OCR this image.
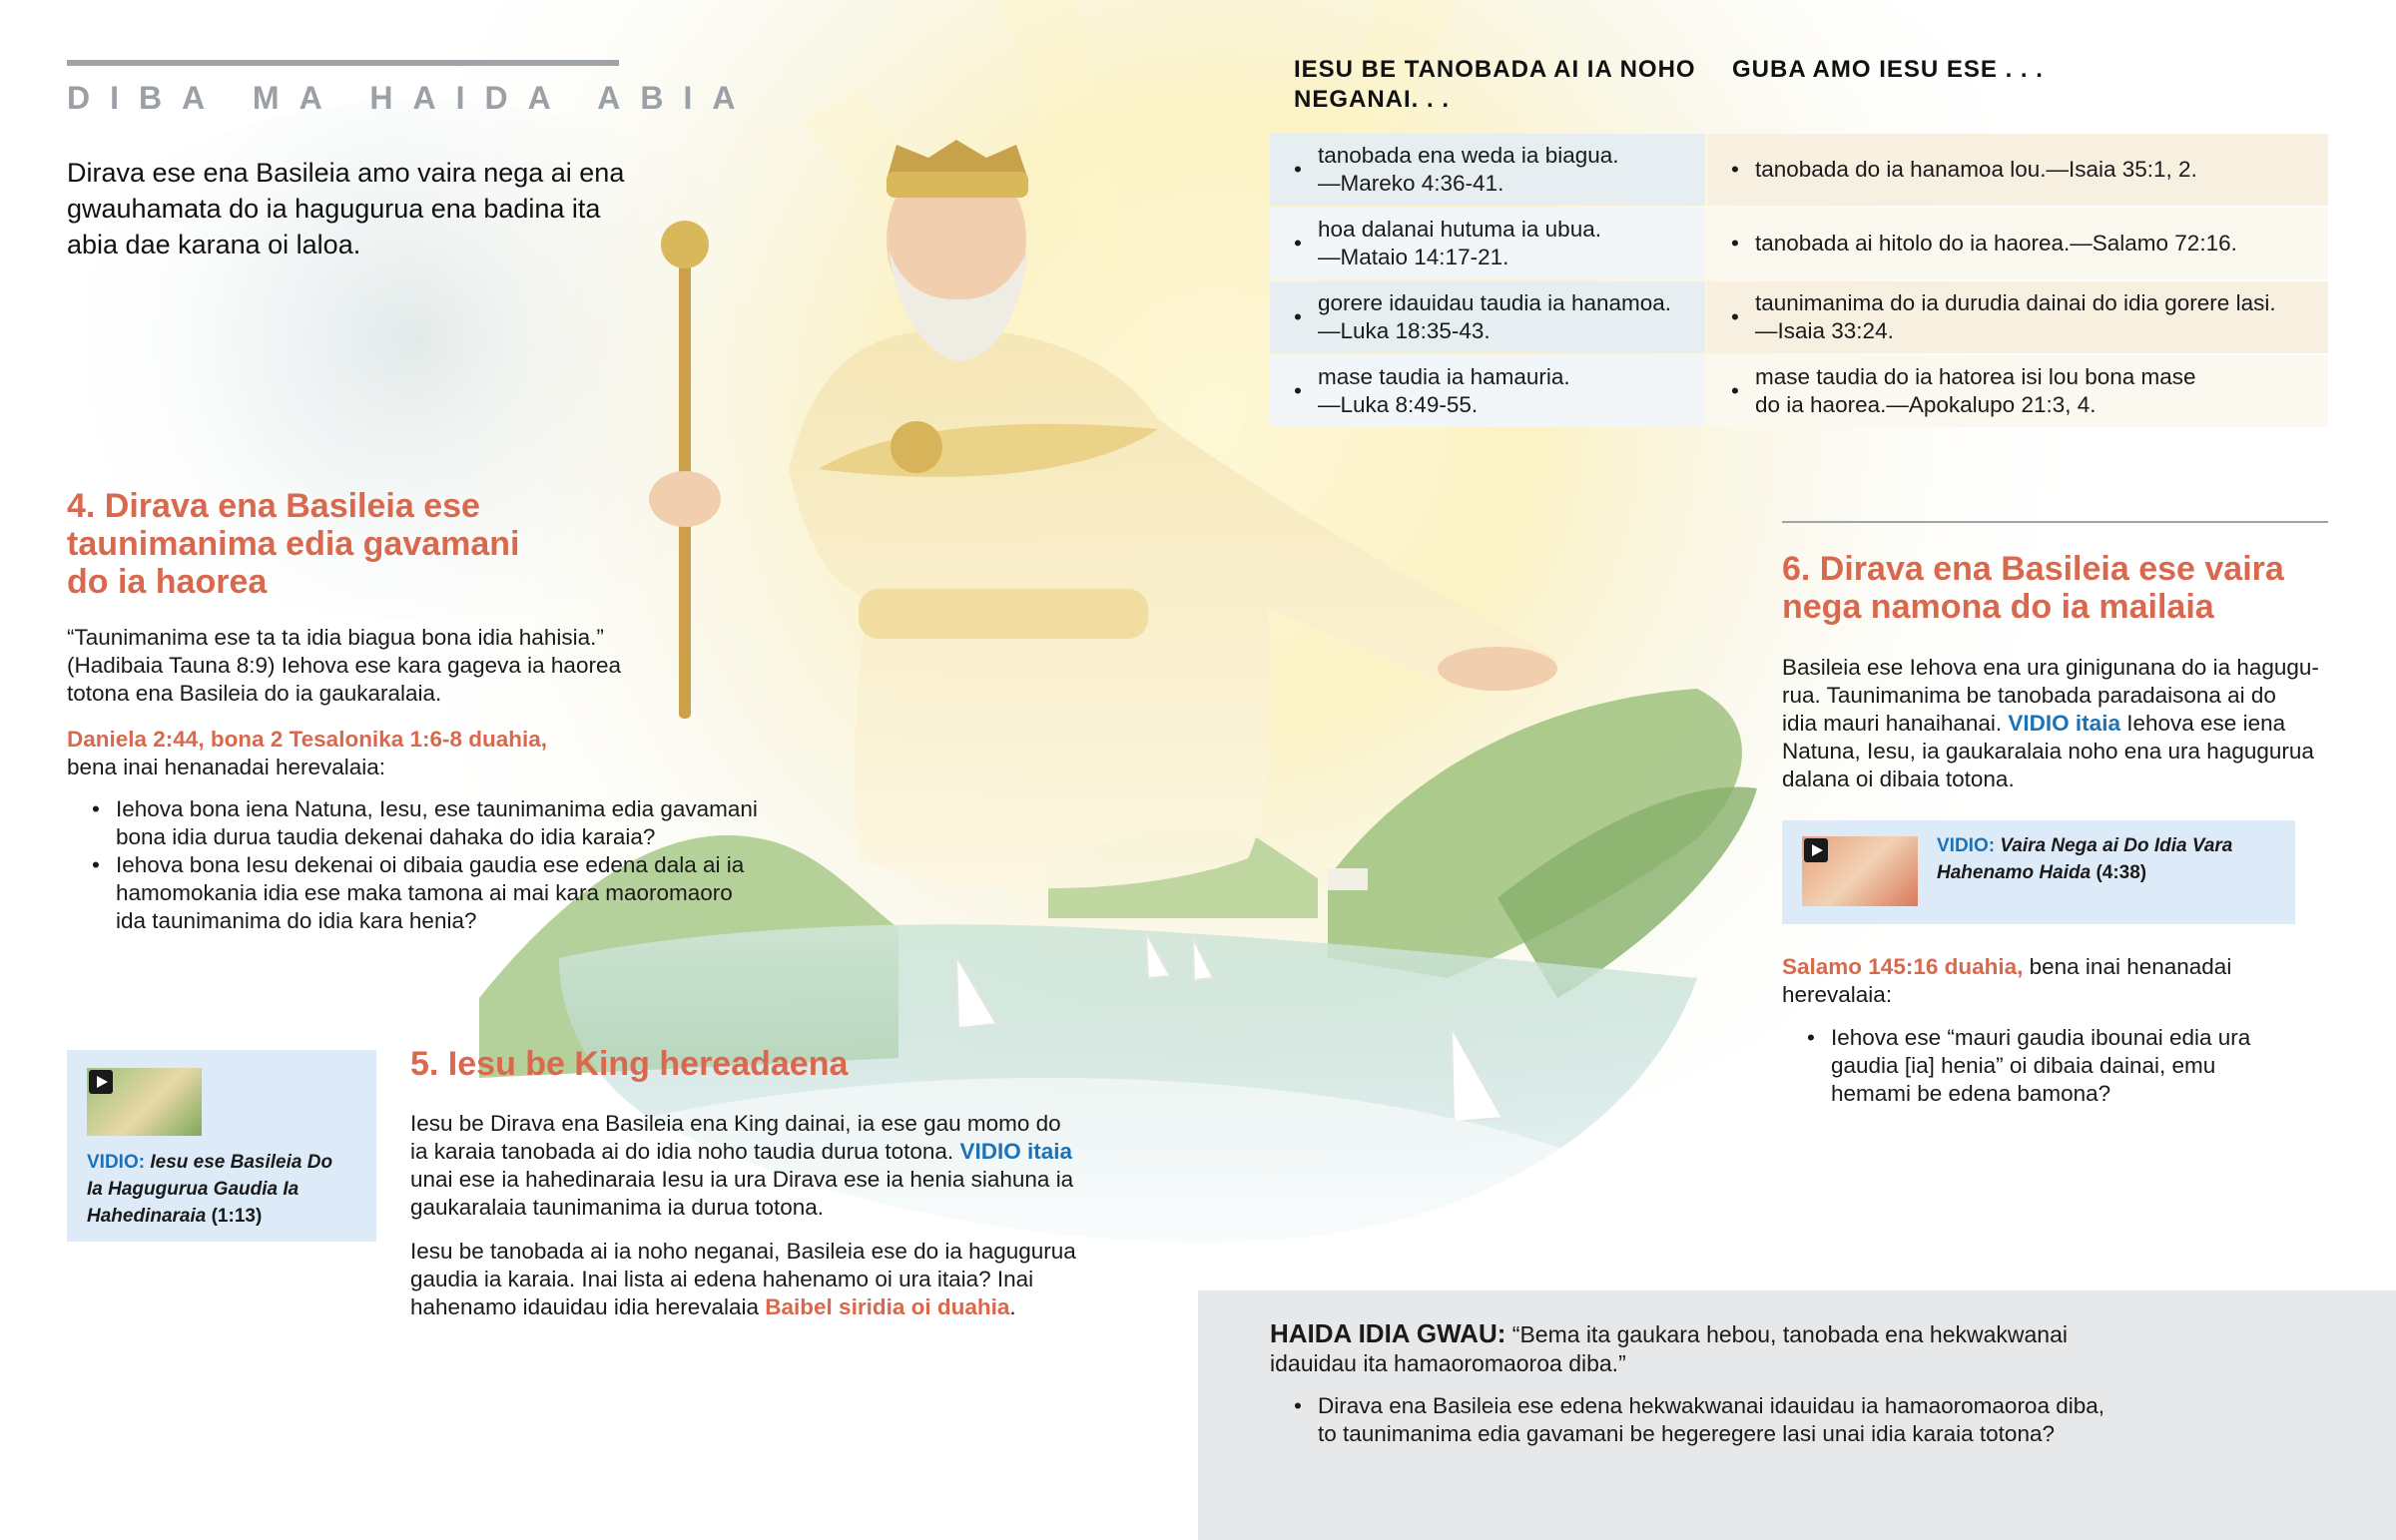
DIBA MA HAIDA ABIA
Dirava ese ena Basileia amo vaira nega ai ena gwauhamata do ia hagugurua ena badina ita abia dae karana oi laloa.
IESU BE TANOBADA AI IA NOHO NEGANAI. . .
GUBA AMO IESU ESE . . .
•
tanobada ena weda ia biagua.
—Mareko 4:36-41.
•
hoa dalanai hutuma ia ubua.
—Mataio 14:17-21.
•
gorere idauidau taudia ia hanamoa.
—Luka 18:35-43.
•
mase taudia ia hamauria.
—Luka 8:49-55.
• tanobada do ia hanamoa lou.—Isaia 35:1, 2.
• tanobada ai hitolo do ia haorea.—Salamo 72:16.
•
taunimanima do ia durudia dainai do idia gorere lasi.
—Isaia 33:24.
•
mase taudia do ia hatorea isi lou bona mase
do ia haorea.—Apokalupo 21:3, 4.
4. Dirava ena Basileia ese
taunimanima edia gavamani
do ia haorea
“Taunimanima ese ta ta idia biagua bona idia hahisia.”
(Hadibaia Tauna 8:9) Iehova ese kara gageva ia haorea
totona ena Basileia do ia gaukaralaia.
Daniela 2:44, bona 2 Tesalonika 1:6-8 duahia,
bena inai henanadai herevalaia:
• Iehova bona iena Natuna, Iesu, ese taunimanima edia gavamani
bona idia durua taudia dekenai dahaka do idia karaia?
• Iehova bona Iesu dekenai oi dibaia gaudia ese edena dala ai ia
hamomokania idia ese maka tamona ai mai kara maoromaoro
ida taunimanima do idia kara henia?
VIDIO: Iesu ese Basileia Do
Ia Hagugurua Gaudia Ia
Hahedinaraia (1:13)
5. Iesu be King hereadaena
Iesu be Dirava ena Basileia ena King dainai, ia ese gau momo do
ia karaia tanobada ai do idia noho taudia durua totona. VIDIO itaia
unai ese ia hahedinaraia Iesu ia ura Dirava ese ia henia siahuna ia
gaukaralaia taunimanima ia durua totona.
Iesu be tanobada ai ia noho neganai, Basileia ese do ia hagugurua
gaudia ia karaia. Inai lista ai edena hahenamo oi ura itaia? Inai
hahenamo idauidau idia herevalaia Baibel siridia oi duahia.
6. Dirava ena Basileia ese vaira
nega namona do ia mailaia
Basileia ese Iehova ena ura ginigunana do ia hagugu-
rua. Taunimanima be tanobada paradaisona ai do
idia mauri hanaihanai. VIDIO itaia Iehova ese iena
Natuna, Iesu, ia gaukaralaia noho ena ura hagugurua
dalana oi dibaia totona.
VIDIO: Vaira Nega ai Do Idia Vara
Hahenamo Haida (4:38)
Salamo 145:16 duahia, bena inai henanadai
herevalaia:
• Iehova ese “mauri gaudia ibounai edia ura
gaudia [ia] henia” oi dibaia dainai, emu
hemami be edena bamona?
HAIDA IDIA GWAU: “Bema ita gaukara hebou, tanobada ena hekwakwanai
idauidau ita hamaoromaoroa diba.”
• Dirava ena Basileia ese edena hekwakwanai idauidau ia hamaoromaoroa diba,
to taunimanima edia gavamani be hegeregere lasi unai idia karaia totona?
